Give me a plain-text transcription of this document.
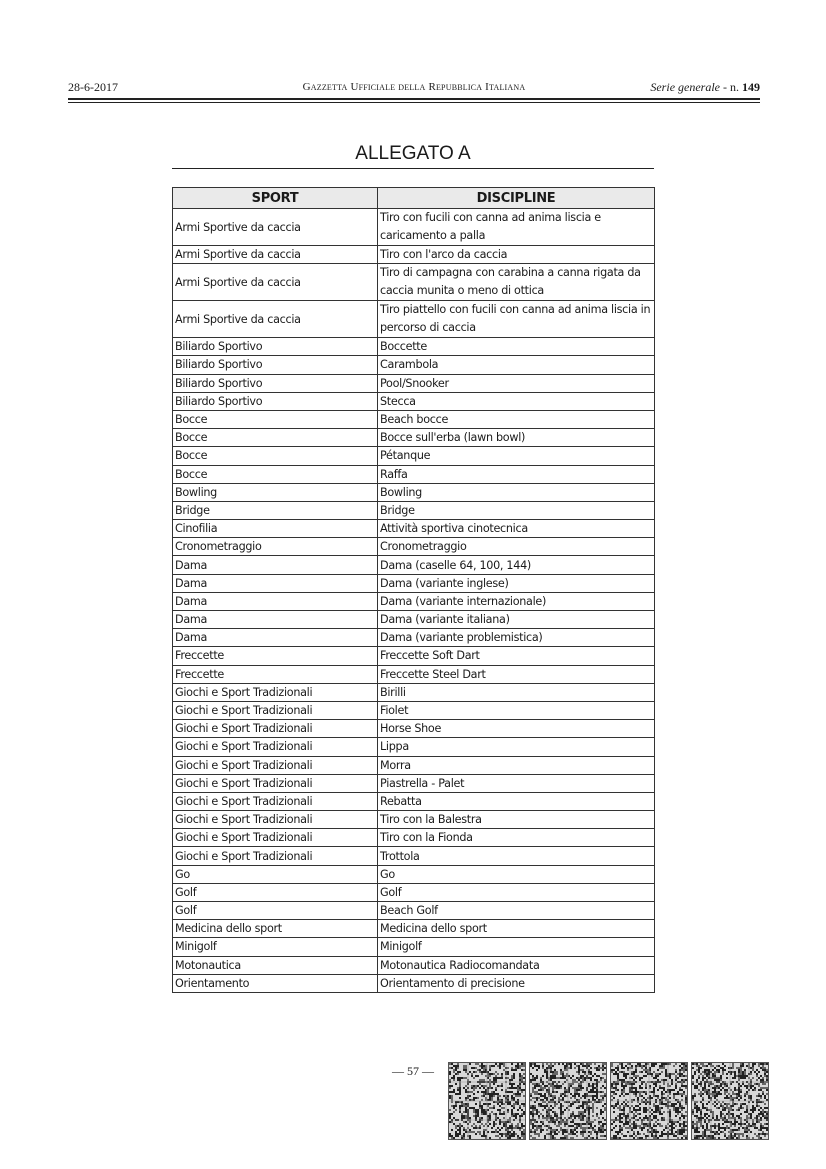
28-6-2017	Gazzetta Ufficiale della Repubblica Italiana	Serie generale - n. 149
ALLEGATO A
SPORT	DISCIPLINE
Armi Sportive da caccia	Tiro con fucili con canna ad anima liscia e caricamento a palla
Armi Sportive da caccia	Tiro con l'arco da caccia
Armi Sportive da caccia	Tiro di campagna con carabina a canna rigata da caccia munita o meno di ottica
Armi Sportive da caccia	Tiro piattello con fucili con canna ad anima liscia in percorso di caccia
Biliardo Sportivo	Boccette
Biliardo Sportivo	Carambola
Biliardo Sportivo	Pool/Snooker
Biliardo Sportivo	Stecca
Bocce	Beach bocce
Bocce	Bocce sull'erba (lawn bowl)
Bocce	Pétanque
Bocce	Raffa
Bowling	Bowling
Bridge	Bridge
Cinofilia	Attività sportiva cinotecnica
Cronometraggio	Cronometraggio
Dama	Dama (caselle 64, 100, 144)
Dama	Dama (variante inglese)
Dama	Dama (variante internazionale)
Dama	Dama (variante italiana)
Dama	Dama (variante problemistica)
Freccette	Freccette Soft Dart
Freccette	Freccette Steel Dart
Giochi e Sport Tradizionali	Birilli
Giochi e Sport Tradizionali	Fiolet
Giochi e Sport Tradizionali	Horse Shoe
Giochi e Sport Tradizionali	Lippa
Giochi e Sport Tradizionali	Morra
Giochi e Sport Tradizionali	Piastrella - Palet
Giochi e Sport Tradizionali	Rebatta
Giochi e Sport Tradizionali	Tiro con la Balestra
Giochi e Sport Tradizionali	Tiro con la Fionda
Giochi e Sport Tradizionali	Trottola
Go	Go
Golf	Golf
Golf	Beach Golf
Medicina dello sport	Medicina dello sport
Minigolf	Minigolf
Motonautica	Motonautica Radiocomandata
Orientamento	Orientamento di precisione
— 57 —
